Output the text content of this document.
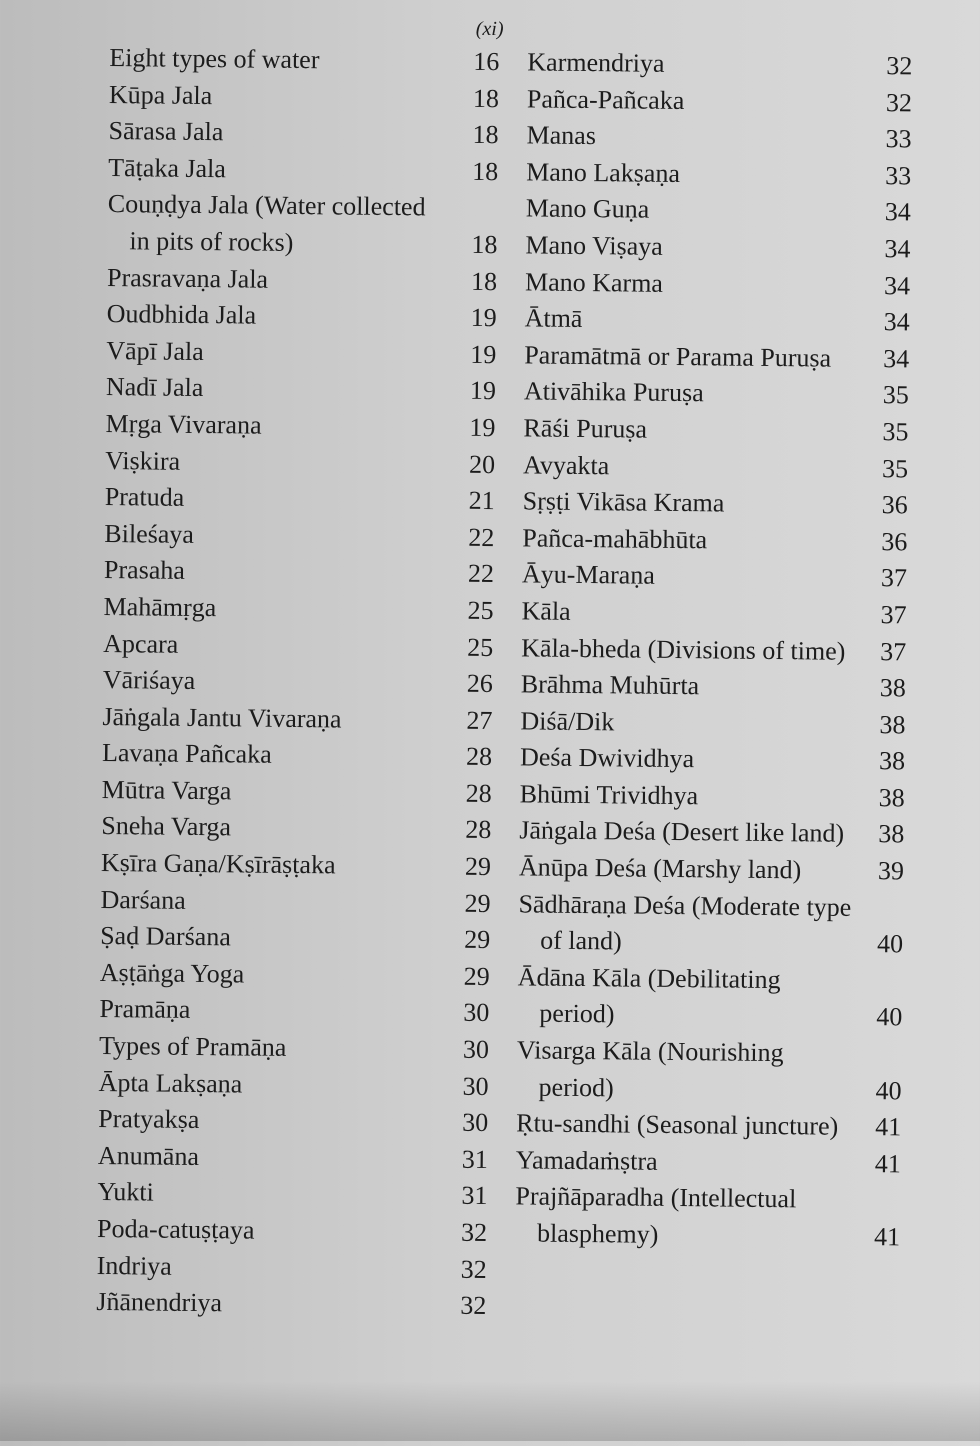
(xi)
Eight types of water	16
Kūpa Jala	18
Sārasa Jala	18
Tāṭaka Jala	18
Couṇḍya Jala (Water collected in pits of rocks)	18
Prasravaṇa Jala	18
Oudbhida Jala	19
Vāpī Jala	19
Nadī Jala	19
Mṛga Vivaraṇa	19
Viṣkira	20
Pratuda	21
Bileśaya	22
Prasaha	22
Mahāmṛga	25
Apcara	25
Vāriśaya	26
Jāṅgala Jantu Vivaraṇa	27
Lavaṇa Pañcaka	28
Mūtra Varga	28
Sneha Varga	28
Kṣīra Gaṇa/Kṣīrāṣṭaka	29
Darśana	29
Ṣaḍ Darśana	29
Aṣṭāṅga Yoga	29
Pramāṇa	30
Types of Pramāṇa	30
Āpta Lakṣaṇa	30
Pratyakṣa	30
Anumāna	31
Yukti	31
Poda-catuṣṭaya	32
Indriya	32
Jñānendriya	32
Karmendriya	32
Pañca-Pañcaka	32
Manas	33
Mano Lakṣaṇa	33
Mano Guṇa	34
Mano Viṣaya	34
Mano Karma	34
Ātmā	34
Paramātmā or Parama Puruṣa	34
Ativāhika Puruṣa	35
Rāśi Puruṣa	35
Avyakta	35
Sṛṣṭi Vikāsa Krama	36
Pañca-mahābhūta	36
Āyu-Maraṇa	37
Kāla	37
Kāla-bheda (Divisions of time)	37
Brāhma Muhūrta	38
Diśā/Dik	38
Deśa Dwividhya	38
Bhūmi Trividhya	38
Jāṅgala Deśa (Desert like land)	38
Ānūpa Deśa (Marshy land)	39
Sādhāraṇa Deśa (Moderate type of land)	40
Ādāna Kāla (Debilitating period)	40
Visarga Kāla (Nourishing period)	40
Ṛtu-sandhi (Seasonal juncture)	41
Yamadaṁṣtra	41
Prajñāparadha (Intellectual blasphemy)	41
